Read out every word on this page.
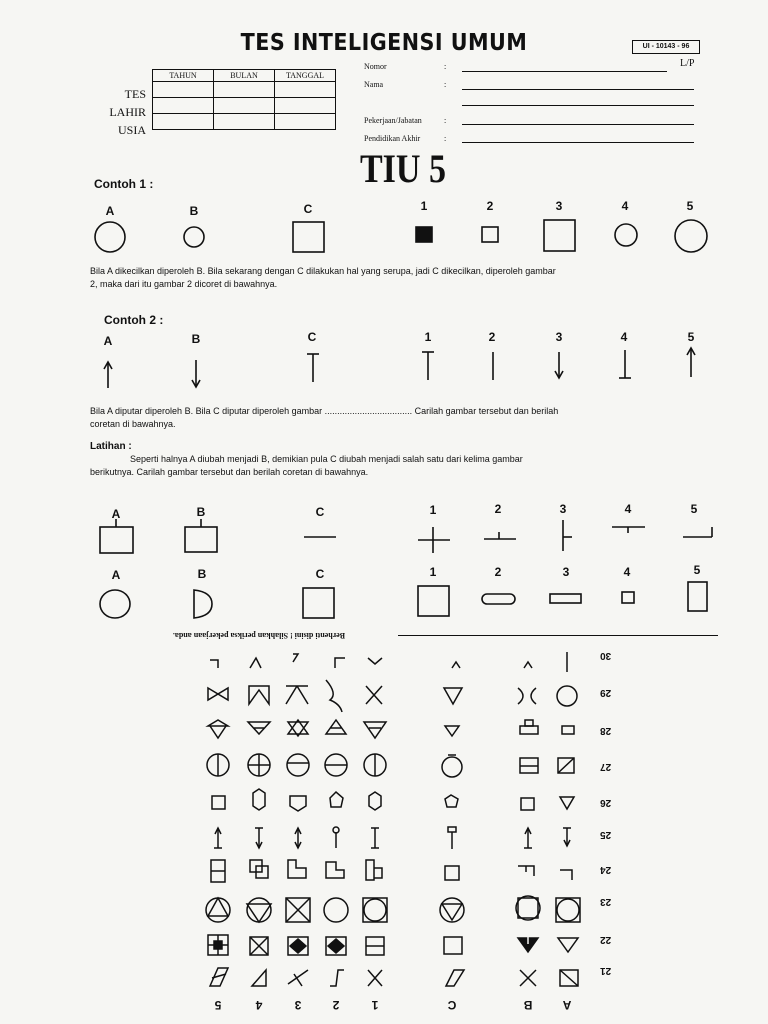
TES INTELIGENSI UMUM	UI - 10143 - 96
L/P
TAHUN	BULAN	TANGGAL

TES
LAHIR
USIA
Nomor	:
Nama	:
Pekerjaan/Jabatan	:
Pendidikan Akhir	:
TIU 5
Contoh 1 :
A	B	C	1	2	3	4	5
Bila A dikecilkan diperoleh B. Bila sekarang dengan C dilakukan hal yang serupa, jadi C dikecilkan, diperoleh gambar 2, maka dari itu gambar 2 dicoret di bawahnya.
Contoh 2 :
A	B	C	1	2	3	4	5
Bila A diputar diperoleh B. Bila C diputar diperoleh gambar ................................... Carilah gambar tersebut dan berilah coretan di bawahnya.
Latihan :
Seperti halnya A diubah menjadi B, demikian pula C diubah menjadi salah satu dari kelima gambar berikutnya. Carilah gambar tersebut dan berilah coretan di bawahnya.
A	B	C	1	2	3	4	5
A	B	C	1	2	3	4	5
Berhenti disini ! Silahkan periksa pekerjaan anda.
30
29
28
27
26
25
24
23
22
21
5	4	3	2	1	C	B	A
